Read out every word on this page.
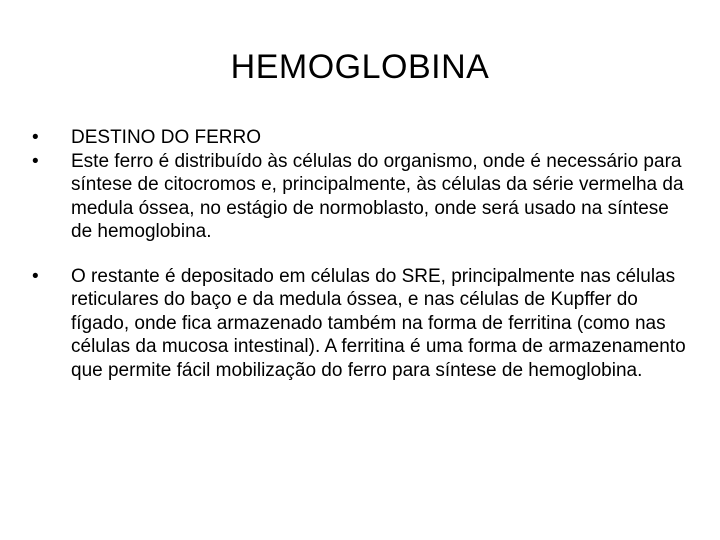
HEMOGLOBINA
•	DESTINO DO FERRO
•	Este ferro é distribuído às células do organismo, onde é necessário para síntese de citocromos e, principalmente, às células da série vermelha da medula óssea, no estágio de normoblasto, onde será usado na síntese de hemoglobina.
•	O restante é depositado em células do SRE, principalmente nas células reticulares do baço e da medula óssea, e nas células de Kupffer do fígado, onde fica armazenado também na forma de ferritina (como nas células da mucosa intestinal). A ferritina é uma forma de armazenamento que permite fácil mobilização do ferro para síntese de hemoglobina.
